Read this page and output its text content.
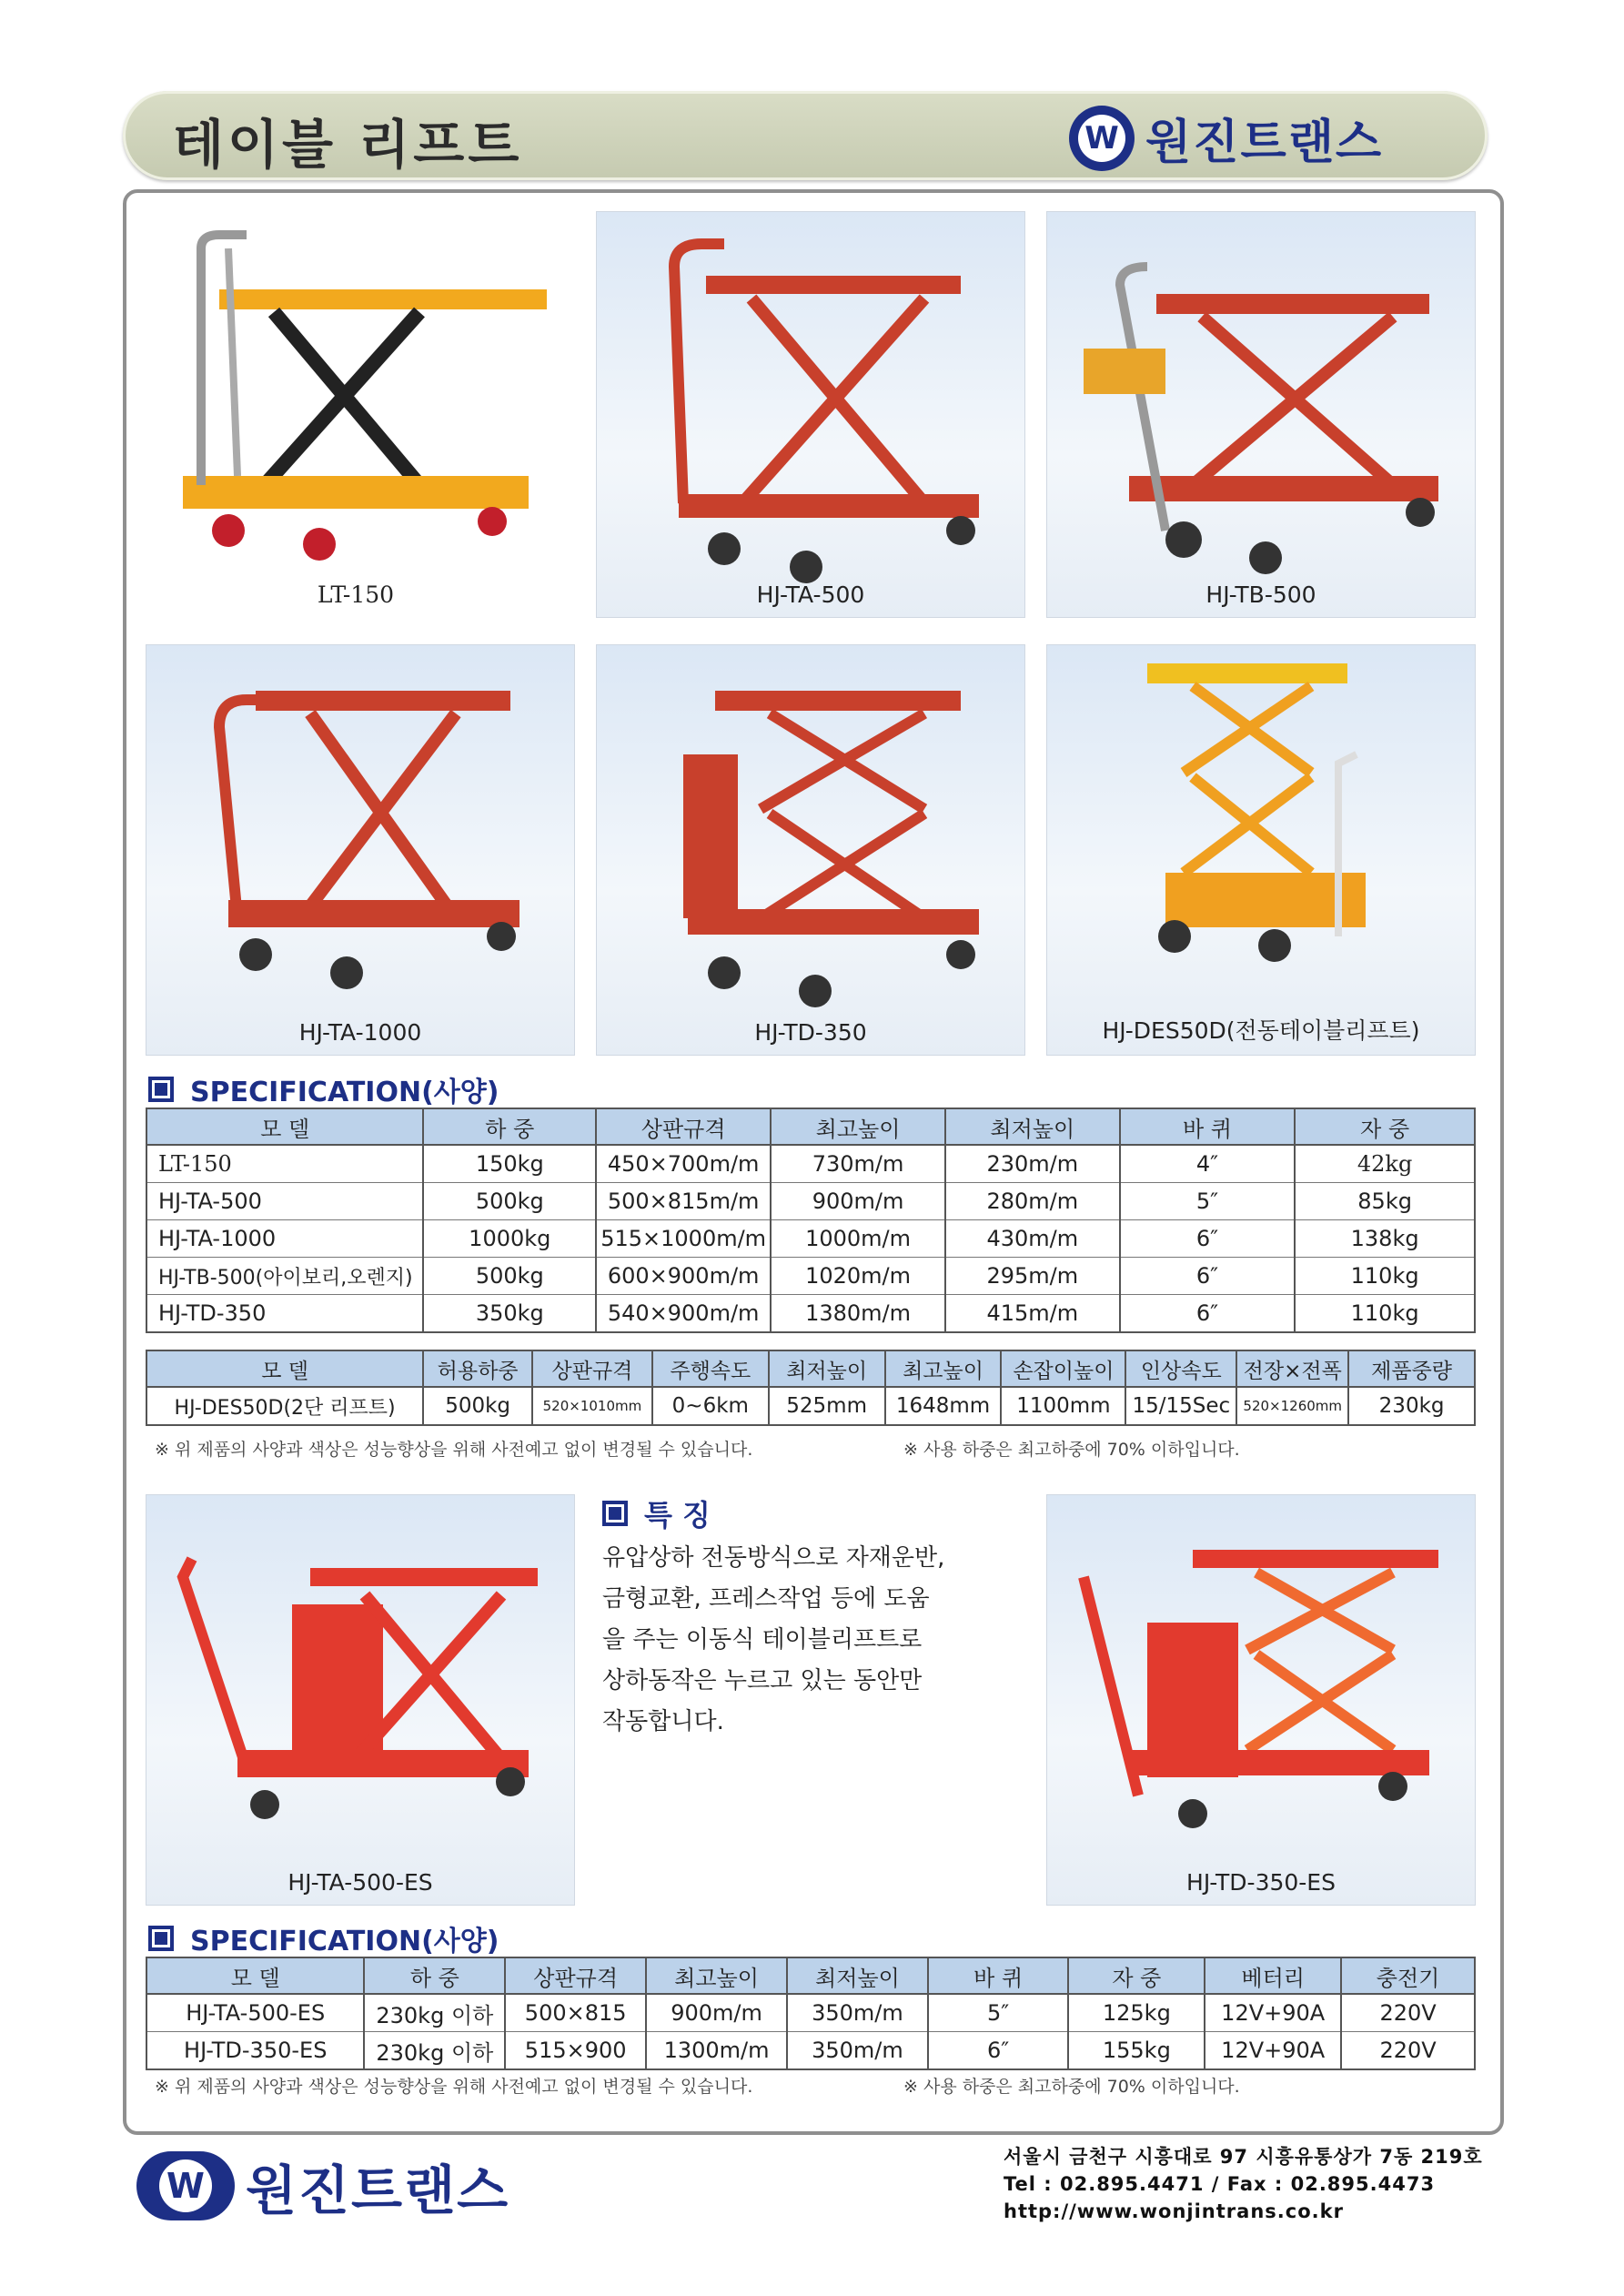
테이블 리프트	W 원진트랜스
LT-150	HJ-TA-500	HJ-TB-500
HJ-TA-1000	HJ-TD-350	HJ-DES50D(전동테이블리프트)
SPECIFICATION(사양)
모 델	하 중	상판규격	최고높이	최저높이	바 퀴	자 중
LT-150	150kg	450×700m/m	730m/m	230m/m	4″	42kg
HJ-TA-500	500kg	500×815m/m	900m/m	280m/m	5″	85kg
HJ-TA-1000	1000kg	515×1000m/m	1000m/m	430m/m	6″	138kg
HJ-TB-500(아이보리,오렌지)	500kg	600×900m/m	1020m/m	295m/m	6″	110kg
HJ-TD-350	350kg	540×900m/m	1380m/m	415m/m	6″	110kg
모 델	허용하중	상판규격	주행속도	최저높이	최고높이	손잡이높이	인상속도	전장×전폭	제품중량
HJ-DES50D(2단 리프트)	500kg	520×1010mm	0∼6km	525mm	1648mm	1100mm	15/15Sec	520×1260mm	230kg
※ 위 제품의 사양과 색상은 성능향상을 위해 사전예고 없이 변경될 수 있습니다.	※ 사용 하중은 최고하중에 70% 이하입니다.
HJ-TA-500-ES
특 징
유압상하 전동방식으로 자재운반,
금형교환, 프레스작업 등에 도움
을 주는 이동식 테이블리프트로
상하동작은 누르고 있는 동안만
작동합니다.
HJ-TD-350-ES
SPECIFICATION(사양)
모 델	하 중	상판규격	최고높이	최저높이	바 퀴	자 중	베터리	충전기
HJ-TA-500-ES	230kg 이하	500×815	900m/m	350m/m	5″	125kg	12V+90A	220V
HJ-TD-350-ES	230kg 이하	515×900	1300m/m	350m/m	6″	155kg	12V+90A	220V
※ 위 제품의 사양과 색상은 성능향상을 위해 사전예고 없이 변경될 수 있습니다.	※ 사용 하중은 최고하중에 70% 이하입니다.
W 원진트랜스
서울시 금천구 시흥대로 97 시흥유통상가 7동 219호
Tel : 02.895.4471 / Fax : 02.895.4473
http://www.wonjintrans.co.kr
